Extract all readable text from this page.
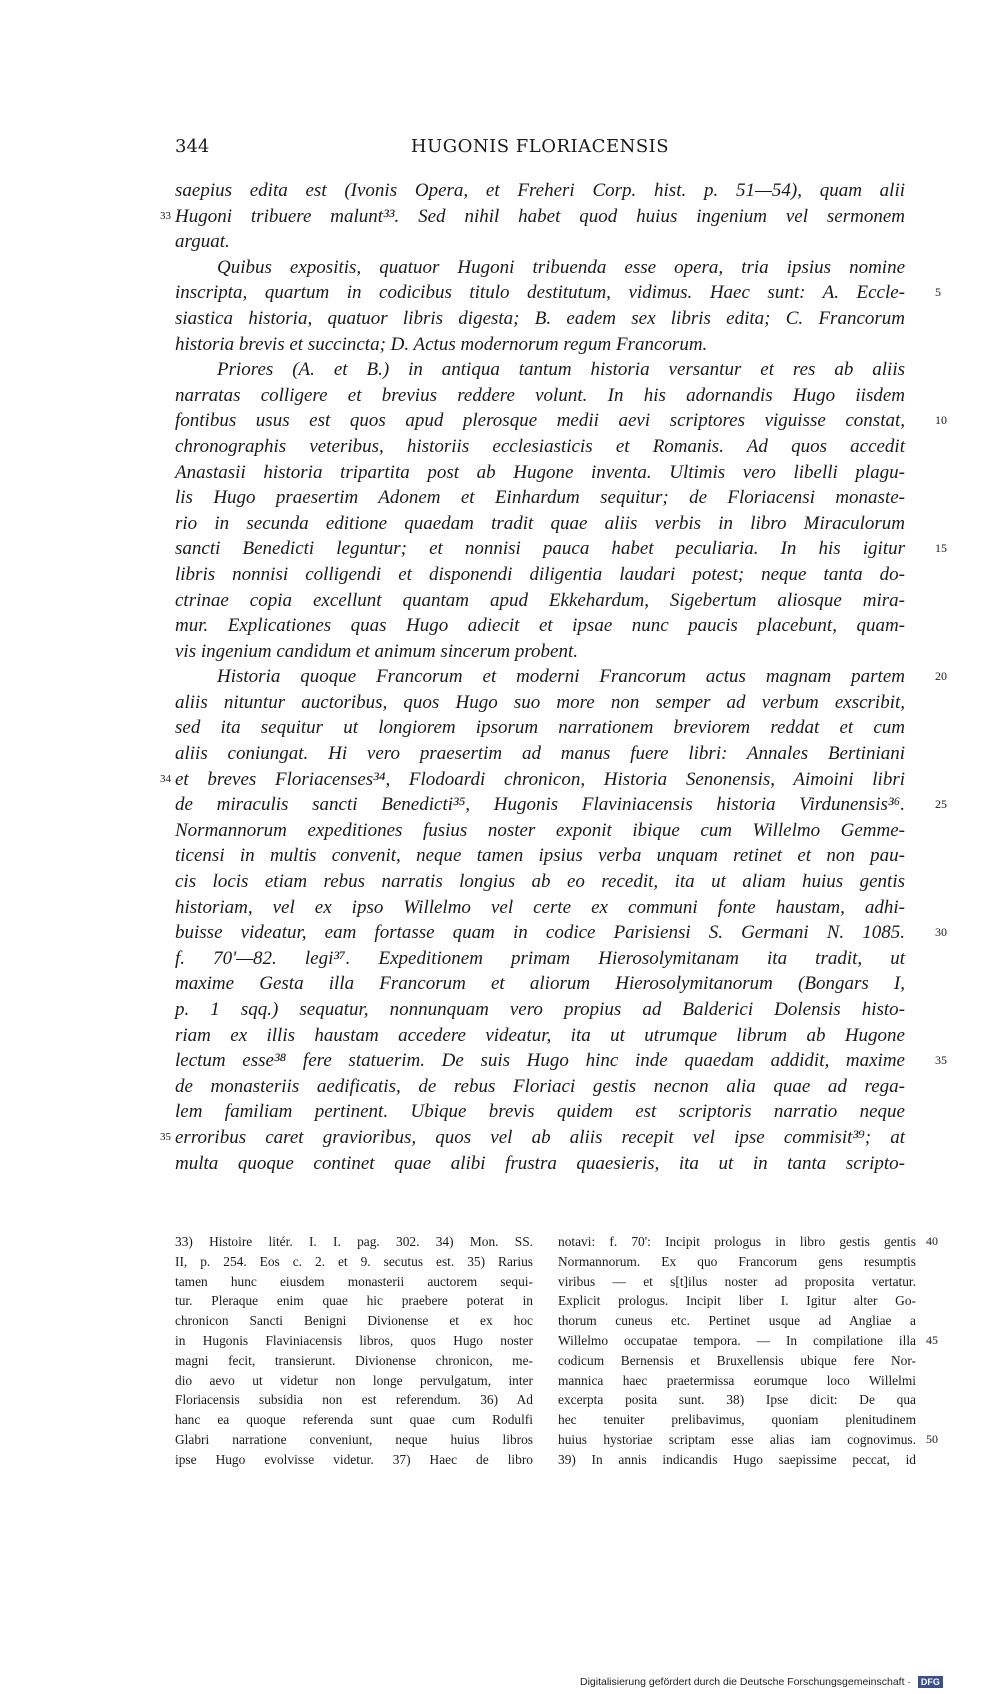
344	HUGONIS FLORIACENSIS
saepius edita est (Ivonis Opera, et Freheri Corp. hist. p. 51—54), quam alii
33 Hugoni tribuere malunt³³. Sed nihil habet quod huius ingenium vel sermonem
arguat.
Quibus expositis, quatuor Hugoni tribuenda esse opera, tria ipsius nomine
inscripta, quartum in codicibus titulo destitutum, vidimus. Haec sunt: A. Eccle-	5
siastica historia, quatuor libris digesta; B. eadem sex libris edita; C. Francorum
historia brevis et succincta; D. Actus modernorum regum Francorum.
Priores (A. et B.) in antiqua tantum historia versantur et res ab aliis
narratas colligere et brevius reddere volunt. In his adornandis Hugo iisdem
fontibus usus est quos apud plerosque medii aevi scriptores viguisse constat,	10
chronographis veteribus, historiis ecclesiasticis et Romanis. Ad quos accedit
Anastasii historia tripartita post ab Hugone inventa. Ultimis vero libelli plagu-
lis Hugo praesertim Adonem et Einhardum sequitur; de Floriacensi monaste-
rio in secunda editione quaedam tradit quae aliis verbis in libro Miraculorum
sancti Benedicti leguntur; et nonnisi pauca habet peculiaria. In his igitur	15
libris nonnisi colligendi et disponendi diligentia laudari potest; neque tanta do-
ctrinae copia excellunt quantam apud Ekkehardum, Sigebertum aliosque mira-
mur. Explicationes quas Hugo adiecit et ipsae nunc paucis placebunt, quam-
vis ingenium candidum et animum sincerum probent.
Historia quoque Francorum et moderni Francorum actus magnam partem	20
aliis nituntur auctoribus, quos Hugo suo more non semper ad verbum exscribit,
sed ita sequitur ut longiorem ipsorum narrationem breviorem reddat et cum
aliis coniungat. Hi vero praesertim ad manus fuere libri: Annales Bertiniani
34 et breves Floriacenses³⁴, Flodoardi chronicon, Historia Senonensis, Aimoini libri
de miraculis sancti Benedicti³⁵, Hugonis Flaviniacensis historia Virdunensis³⁶.	25
Normannorum expeditiones fusius noster exponit ibique cum Willelmo Gemme-
ticensi in multis convenit, neque tamen ipsius verba unquam retinet et non pau-
cis locis etiam rebus narratis longius ab eo recedit, ita ut aliam huius gentis
historiam, vel ex ipso Willelmo vel certe ex communi fonte haustam, adhi-
buisse videatur, eam fortasse quam in codice Parisiensi S. Germani N. 1085.	30
f. 70'—82. legi³⁷. Expeditionem primam Hierosolymitanam ita tradit, ut
maxime Gesta illa Francorum et aliorum Hierosolymitanorum (Bongars I,
p. 1 sqq.) sequatur, nonnunquam vero propius ad Balderici Dolensis histo-
riam ex illis haustam accedere videatur, ita ut utrumque librum ab Hugone
lectum esse³⁸ fere statuerim. De suis Hugo hinc inde quaedam addidit, maxime	35
de monasteriis aedificatis, de rebus Floriaci gestis necnon alia quae ad rega-
lem familiam pertinent. Ubique brevis quidem est scriptoris narratio neque
35 erroribus caret gravioribus, quos vel ab aliis recepit vel ipse commisit³⁹; at
multa quoque continet quae alibi frustra quaesieris, ita ut in tanta scripto-
33) Histoire litér. I. I. pag. 302. 34) Mon. SS.
II, p. 254. Eos c. 2. et 9. secutus est. 35) Rarius
tamen hunc eiusdem monasterii auctorem sequi-
tur. Pleraque enim quae hic praebere poterat in
chronicon Sancti Benigni Divionense et ex hoc
in Hugonis Flaviniacensis libros, quos Hugo noster
magni fecit, transierunt. Divionense chronicon, me-
dio aevo ut videtur non longe pervulgatum, inter
Floriacensis subsidia non est referendum. 36) Ad
hanc ea quoque referenda sunt quae cum Rodulfi
Glabri narratione conveniunt, neque huius libros
ipse Hugo evolvisse videtur. 37) Haec de libro
notavi: f. 70': Incipit prologus in libro gestis gentis 40
Normannorum. Ex quo Francorum gens resumptis
viribus — et s[t]ilus noster ad proposita vertatur.
Explicit prologus. Incipit liber I. Igitur alter Go-
thorum cuneus etc. Pertinet usque ad Angliae a
Willelmo occupatae tempora. — In compilatione illa 45
codicum Bernensis et Bruxellensis ubique fere Nor-
mannica haec praetermissa eorumque loco Willelmi
excerpta posita sunt. 38) Ipse dicit: De qua
hec tenuiter prelibavimus, quoniam plenitudinem
huius hystoriae scriptam esse alias iam cognovimus. 50
39) In annis indicandis Hugo saepissime peccat, id
Digitalisierung gefördert durch die Deutsche Forschungsgemeinschaft · DFG
